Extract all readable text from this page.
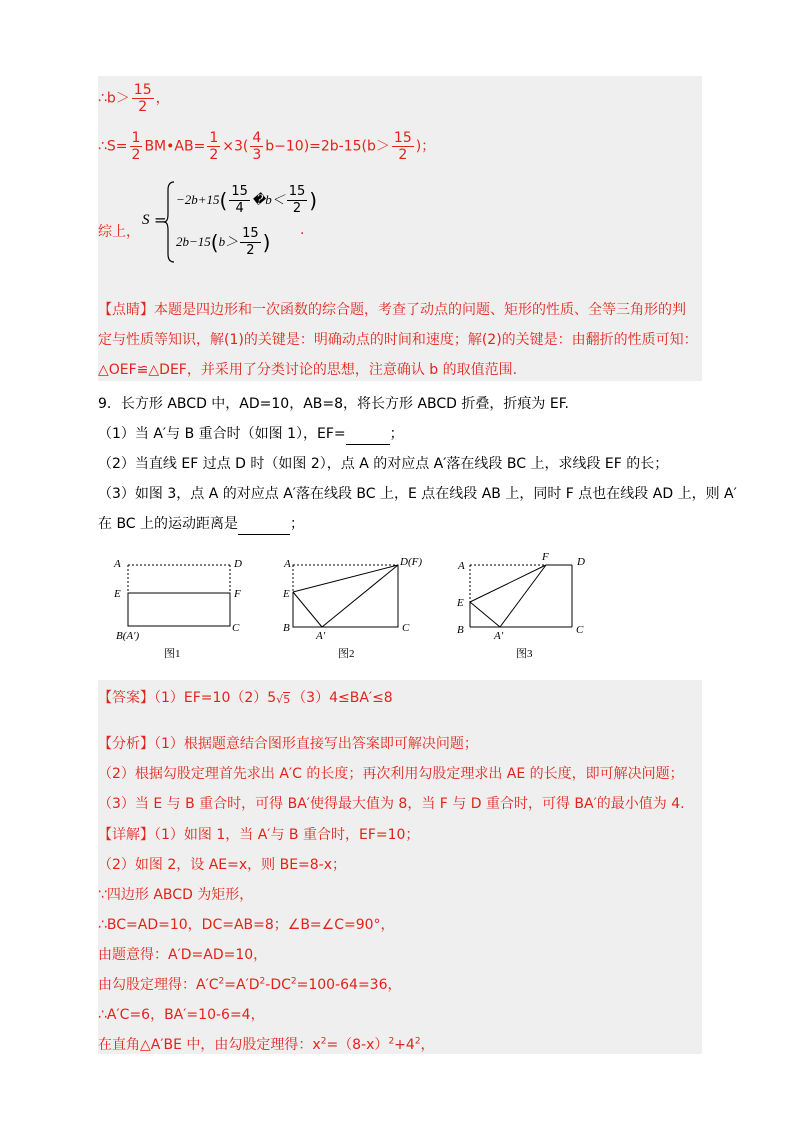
∴b＞ $\frac{15}{2}$ ，
∴S= $\frac{1}{2}$ BM•AB= $\frac{1}{2} \times 3( \frac{4}{3} b-10)=2b-15(b> \frac{15}{2}$ )；
综上，
S =
$-2b+15( \frac{15}{4}$ �b＜ $\frac{15}{2}$ )
$2b-15(b> \frac{15}{2}$ )
.
【点睛】本题是四边形和一次函数的综合题，考查了动点的问题、矩形的性质、全等三角形的判
定与性质等知识，解(1)的关键是：明确动点的时间和速度；解(2)的关键是：由翻折的性质可知：
△OEF≌△DEF，并采用了分类讨论的思想，注意确认 b 的取值范围.
9．长方形 ABCD 中，AD=10，AB=8，将长方形 ABCD 折叠，折痕为 EF.
（1）当 A′与 B 重合时（如图 1），EF=	；
（2）当直线 EF 过点 D 时（如图 2），点 A 的对应点 A′落在线段 BC 上，求线段 EF 的长；
（3）如图 3，点 A 的对应点 A′落在线段 BC 上，E 点在线段 AB 上，同时 F 点也在线段 AD 上，则 A′
在 BC 上的运动距离是	；
A	D
E	F
B(A′)
C
图1
A	D(F)
E
B
A′
C
图2
A
F	D
E
B	A′	C
图3
【答案】（1）EF=10（2）5 √5 （3）4≤BA′≤8
【分析】（1）根据题意结合图形直接写出答案即可解决问题；
（2）根据勾股定理首先求出 A′C 的长度；再次利用勾股定理求出 AE 的长度，即可解决问题；
（3）当 E 与 B 重合时，可得 BA′使得最大值为 8，当 F 与 D 重合时，可得 BA′的最小值为 4.
【详解】（1）如图 1，当 A′与 B 重合时，EF=10；
（2）如图 2，设 AE=x，则 BE=8-x；
∵四边形 ABCD 为矩形，
∴BC=AD=10，DC=AB=8；∠B=∠C=90°，
由题意得：A′D=AD=10，
由勾股定理得：$A'C^2=A'D^2-DC^2=100-64=36$，
∴A′C=6，BA′=10-6=4，
在直角△A′BE 中，由勾股定理得：$x^2=(8-x)^2+4^2$，
